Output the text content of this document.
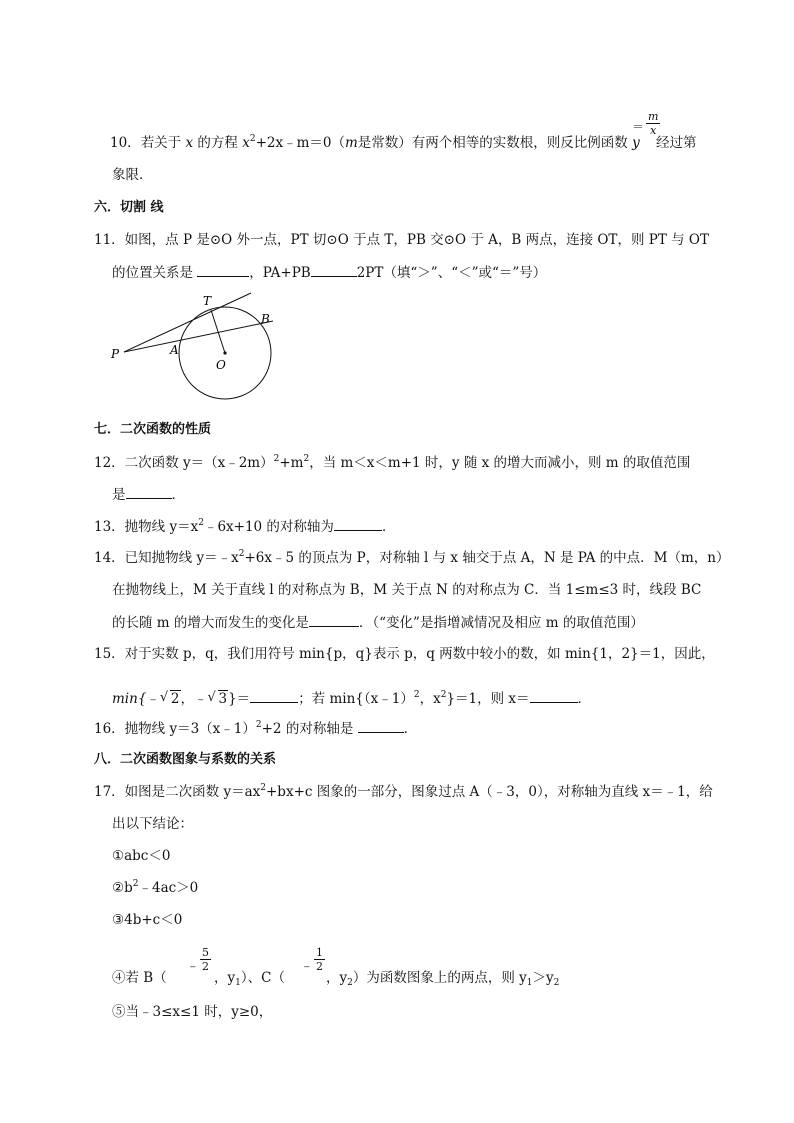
10．若关于 x 的方程 $x^2+2x﹣m=0(m$是常数）有两个相等的实数根，则反比例函数 y
＝ $\frac{m}{x}$
经过第
象限．
六．切割 线
11．如图，点 P 是⊙O 外一点，PT 切⊙O 于点 T，PB 交⊙O 于 A，B 两点，连接 OT，则 PT 与 OT
的位置关系是	，PA+PB	2PT（填“＞”、“＜”或“＝”号）
T
B
P	A
O
七．二次函数的性质
12．二次函数 $y=(x﹣2m)^2+m^2$，当 m＜x＜m+1 时，y 随 x 的增大而减小，则 m 的取值范围
是	．
13．抛物线 $y=x^2﹣6x+10$ 的对称轴为	．
14．已知抛物线 $y=﹣x^2+6x﹣5$ 的顶点为 P，对称轴 l 与 x 轴交于点 A，N 是 PA 的中点．M（m，n）
在抛物线上，M 关于直线 l 的对称点为 B，M 关于点 N 的对称点为 C．当 1≤m≤3 时，线段 BC
的长随 m 的增大而发生的变化是	．（“变化”是指增减情况及相应 m 的取值范围）
15．对于实数 p，q，我们用符号 min{p，q}表示 p，q 两数中较小的数，如 min{1，2}＝1，因此，
min{﹣ √ 2，﹣ √ 3}＝	；若 min{（x﹣1）$^2$，$x^2\}=1$，则 x＝	．
16．抛物线 y＝3（x﹣1）$^2$+2 的对称轴是	．
八．二次函数图象与系数的关系
17．如图是二次函数 $y=ax^2+bx+c$ 图象的一部分，图象过点 A（﹣3，0），对称轴为直线 x＝﹣1，给
出以下结论：
①abc＜0
$②b^2﹣4ac>0$
③4b+c＜0
④若 B（
﹣ $\frac{5}{2}$
，$y_1$）、C（
﹣ $\frac{1}{2}$
，$y_2$）为函数图象上的两点，则 $y_1>y_2$
⑤当﹣3≤x≤1 时，y≥0，
